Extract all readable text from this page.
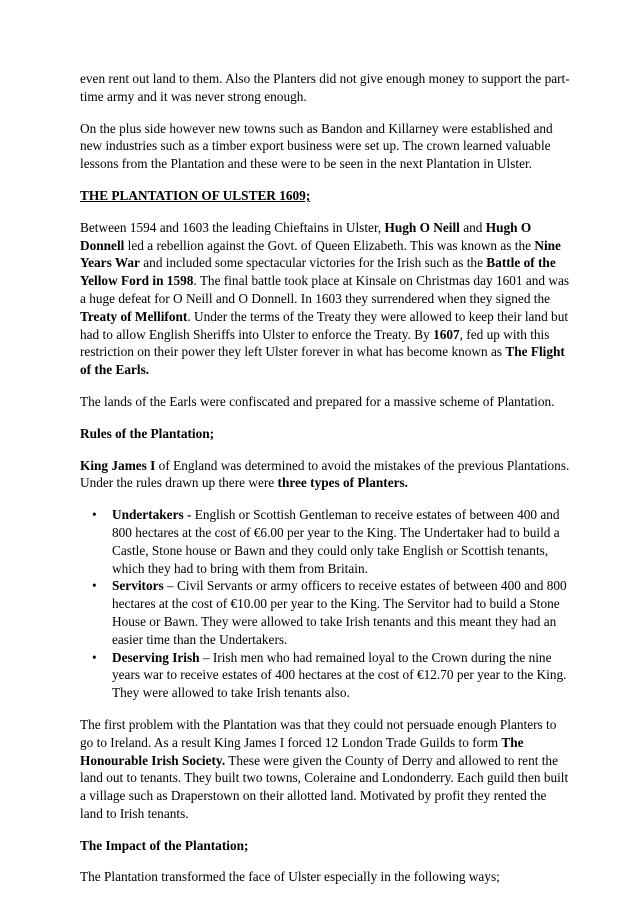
even rent out land to them. Also the Planters did not give enough money to support the part-time army and it was never strong enough.

On the plus side however new towns such as Bandon and Killarney were established and new industries such as a timber export business were set up. The crown learned valuable lessons from the Plantation and these were to be seen in the next Plantation in Ulster.

THE PLANTATION OF ULSTER 1609;

Between 1594 and 1603 the leading Chieftains in Ulster, Hugh O Neill and Hugh O Donnell led a rebellion against the Govt. of Queen Elizabeth. This was known as the Nine Years War and included some spectacular victories for the Irish such as the Battle of the Yellow Ford in 1598. The final battle took place at Kinsale on Christmas day 1601 and was a huge defeat for O Neill and O Donnell. In 1603 they surrendered when they signed the Treaty of Mellifont. Under the terms of the Treaty they were allowed to keep their land but had to allow English Sheriffs into Ulster to enforce the Treaty. By 1607, fed up with this restriction on their power they left Ulster forever in what has become known as The Flight of the Earls.

The lands of the Earls were confiscated and prepared for a massive scheme of Plantation.

Rules of the Plantation;

King James I of England was determined to avoid the mistakes of the previous Plantations. Under the rules drawn up there were three types of Planters.

• Undertakers - English or Scottish Gentleman to receive estates of between 400 and 800 hectares at the cost of €6.00 per year to the King. The Undertaker had to build a Castle, Stone house or Bawn and they could only take English or Scottish tenants, which they had to bring with them from Britain.
• Servitors – Civil Servants or army officers to receive estates of between 400 and 800 hectares at the cost of €10.00 per year to the King. The Servitor had to build a Stone House or Bawn. They were allowed to take Irish tenants and this meant they had an easier time than the Undertakers.
• Deserving Irish – Irish men who had remained loyal to the Crown during the nine years war to receive estates of 400 hectares at the cost of €12.70 per year to the King. They were allowed to take Irish tenants also.

The first problem with the Plantation was that they could not persuade enough Planters to go to Ireland. As a result King James I forced 12 London Trade Guilds to form The Honourable Irish Society. These were given the County of Derry and allowed to rent the land out to tenants. They built two towns, Coleraine and Londonderry. Each guild then built a village such as Draperstown on their allotted land. Motivated by profit they rented the land to Irish tenants.

The Impact of the Plantation;

The Plantation transformed the face of Ulster especially in the following ways;
